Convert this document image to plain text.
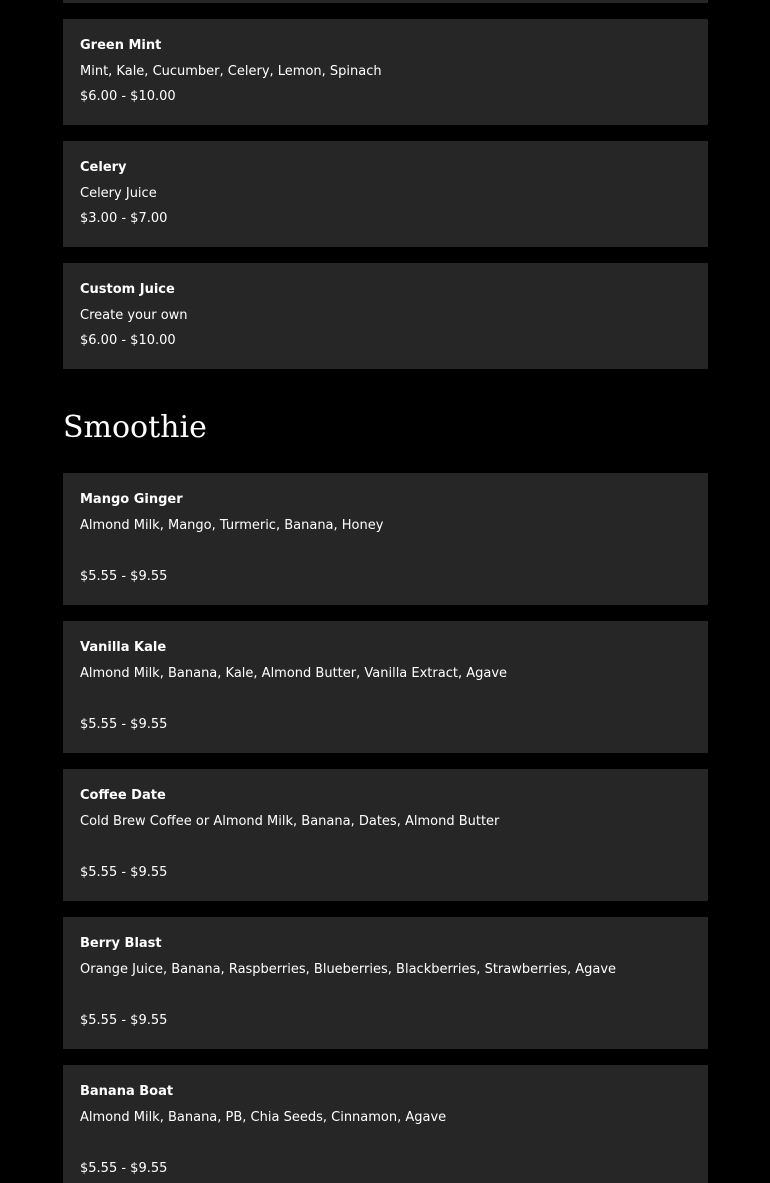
Green Mint
Mint, Kale, Cucumber, Celery, Lemon, Spinach
$6.00 - $10.00
Celery
Celery Juice
$3.00 - $7.00
Custom Juice
Create your own
$6.00 - $10.00
Smoothie
Mango Ginger
Almond Milk, Mango, Turmeric, Banana, Honey
$5.55 - $9.55
Vanilla Kale
Almond Milk, Banana, Kale, Almond Butter, Vanilla Extract, Agave
$5.55 - $9.55
Coffee Date
Cold Brew Coffee or Almond Milk, Banana, Dates, Almond Butter
$5.55 - $9.55
Berry Blast
Orange Juice, Banana, Raspberries, Blueberries, Blackberries, Strawberries, Agave
$5.55 - $9.55
Banana Boat
Almond Milk, Banana, PB, Chia Seeds, Cinnamon, Agave
$5.55 - $9.55
